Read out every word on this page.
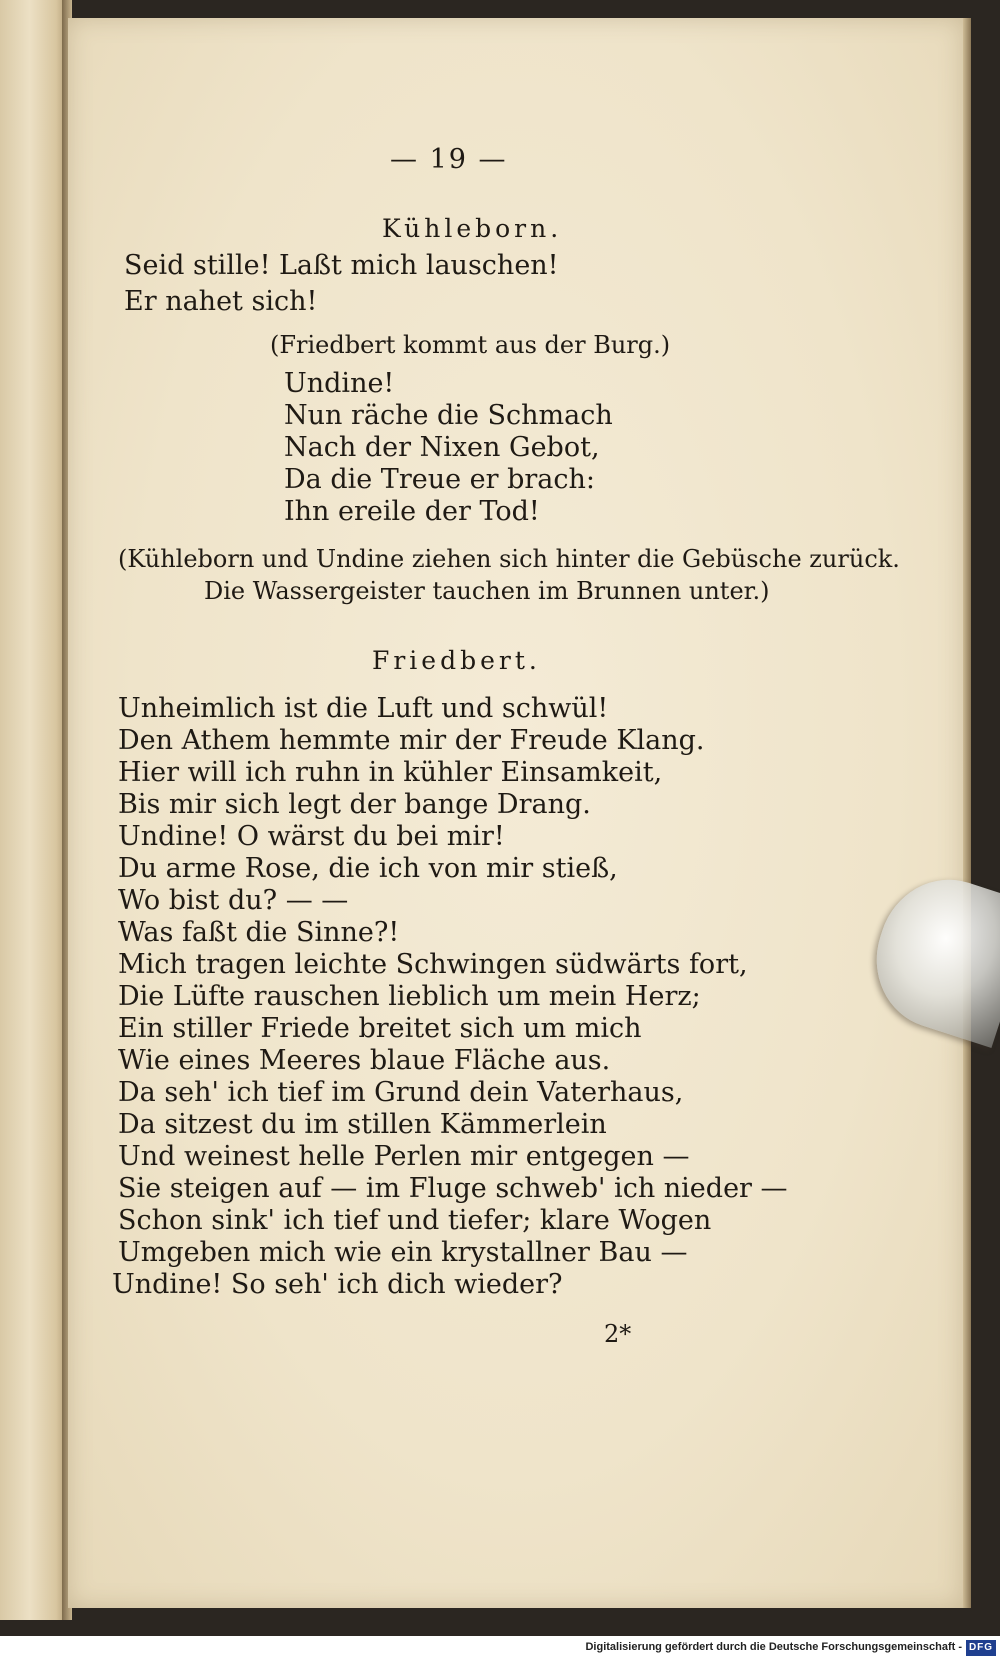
— 19 —
Kühleborn.
Seid stille! Laßt mich lauschen!
Er nahet sich!
(Friedbert kommt aus der Burg.)
Undine!
Nun räche die Schmach
Nach der Nixen Gebot,
Da die Treue er brach:
Ihn ereile der Tod!
(Kühleborn und Undine ziehen sich hinter die Gebüsche zurück.
Die Wassergeister tauchen im Brunnen unter.)
Friedbert.
Unheimlich ist die Luft und schwül!
Den Athem hemmte mir der Freude Klang.
Hier will ich ruhn in kühler Einsamkeit,
Bis mir sich legt der bange Drang.
Undine! O wärst du bei mir!
Du arme Rose, die ich von mir stieß,
Wo bist du? — —
Was faßt die Sinne?!
Mich tragen leichte Schwingen südwärts fort,
Die Lüfte rauschen lieblich um mein Herz;
Ein stiller Friede breitet sich um mich
Wie eines Meeres blaue Fläche aus.
Da seh' ich tief im Grund dein Vaterhaus,
Da sitzest du im stillen Kämmerlein
Und weinest helle Perlen mir entgegen —
Sie steigen auf — im Fluge schweb' ich nieder —
Schon sink' ich tief und tiefer; klare Wogen
Umgeben mich wie ein krystallner Bau —
Undine! So seh' ich dich wieder?
2*
Digitalisierung gefördert durch die Deutsche Forschungsgemeinschaft - DFG
